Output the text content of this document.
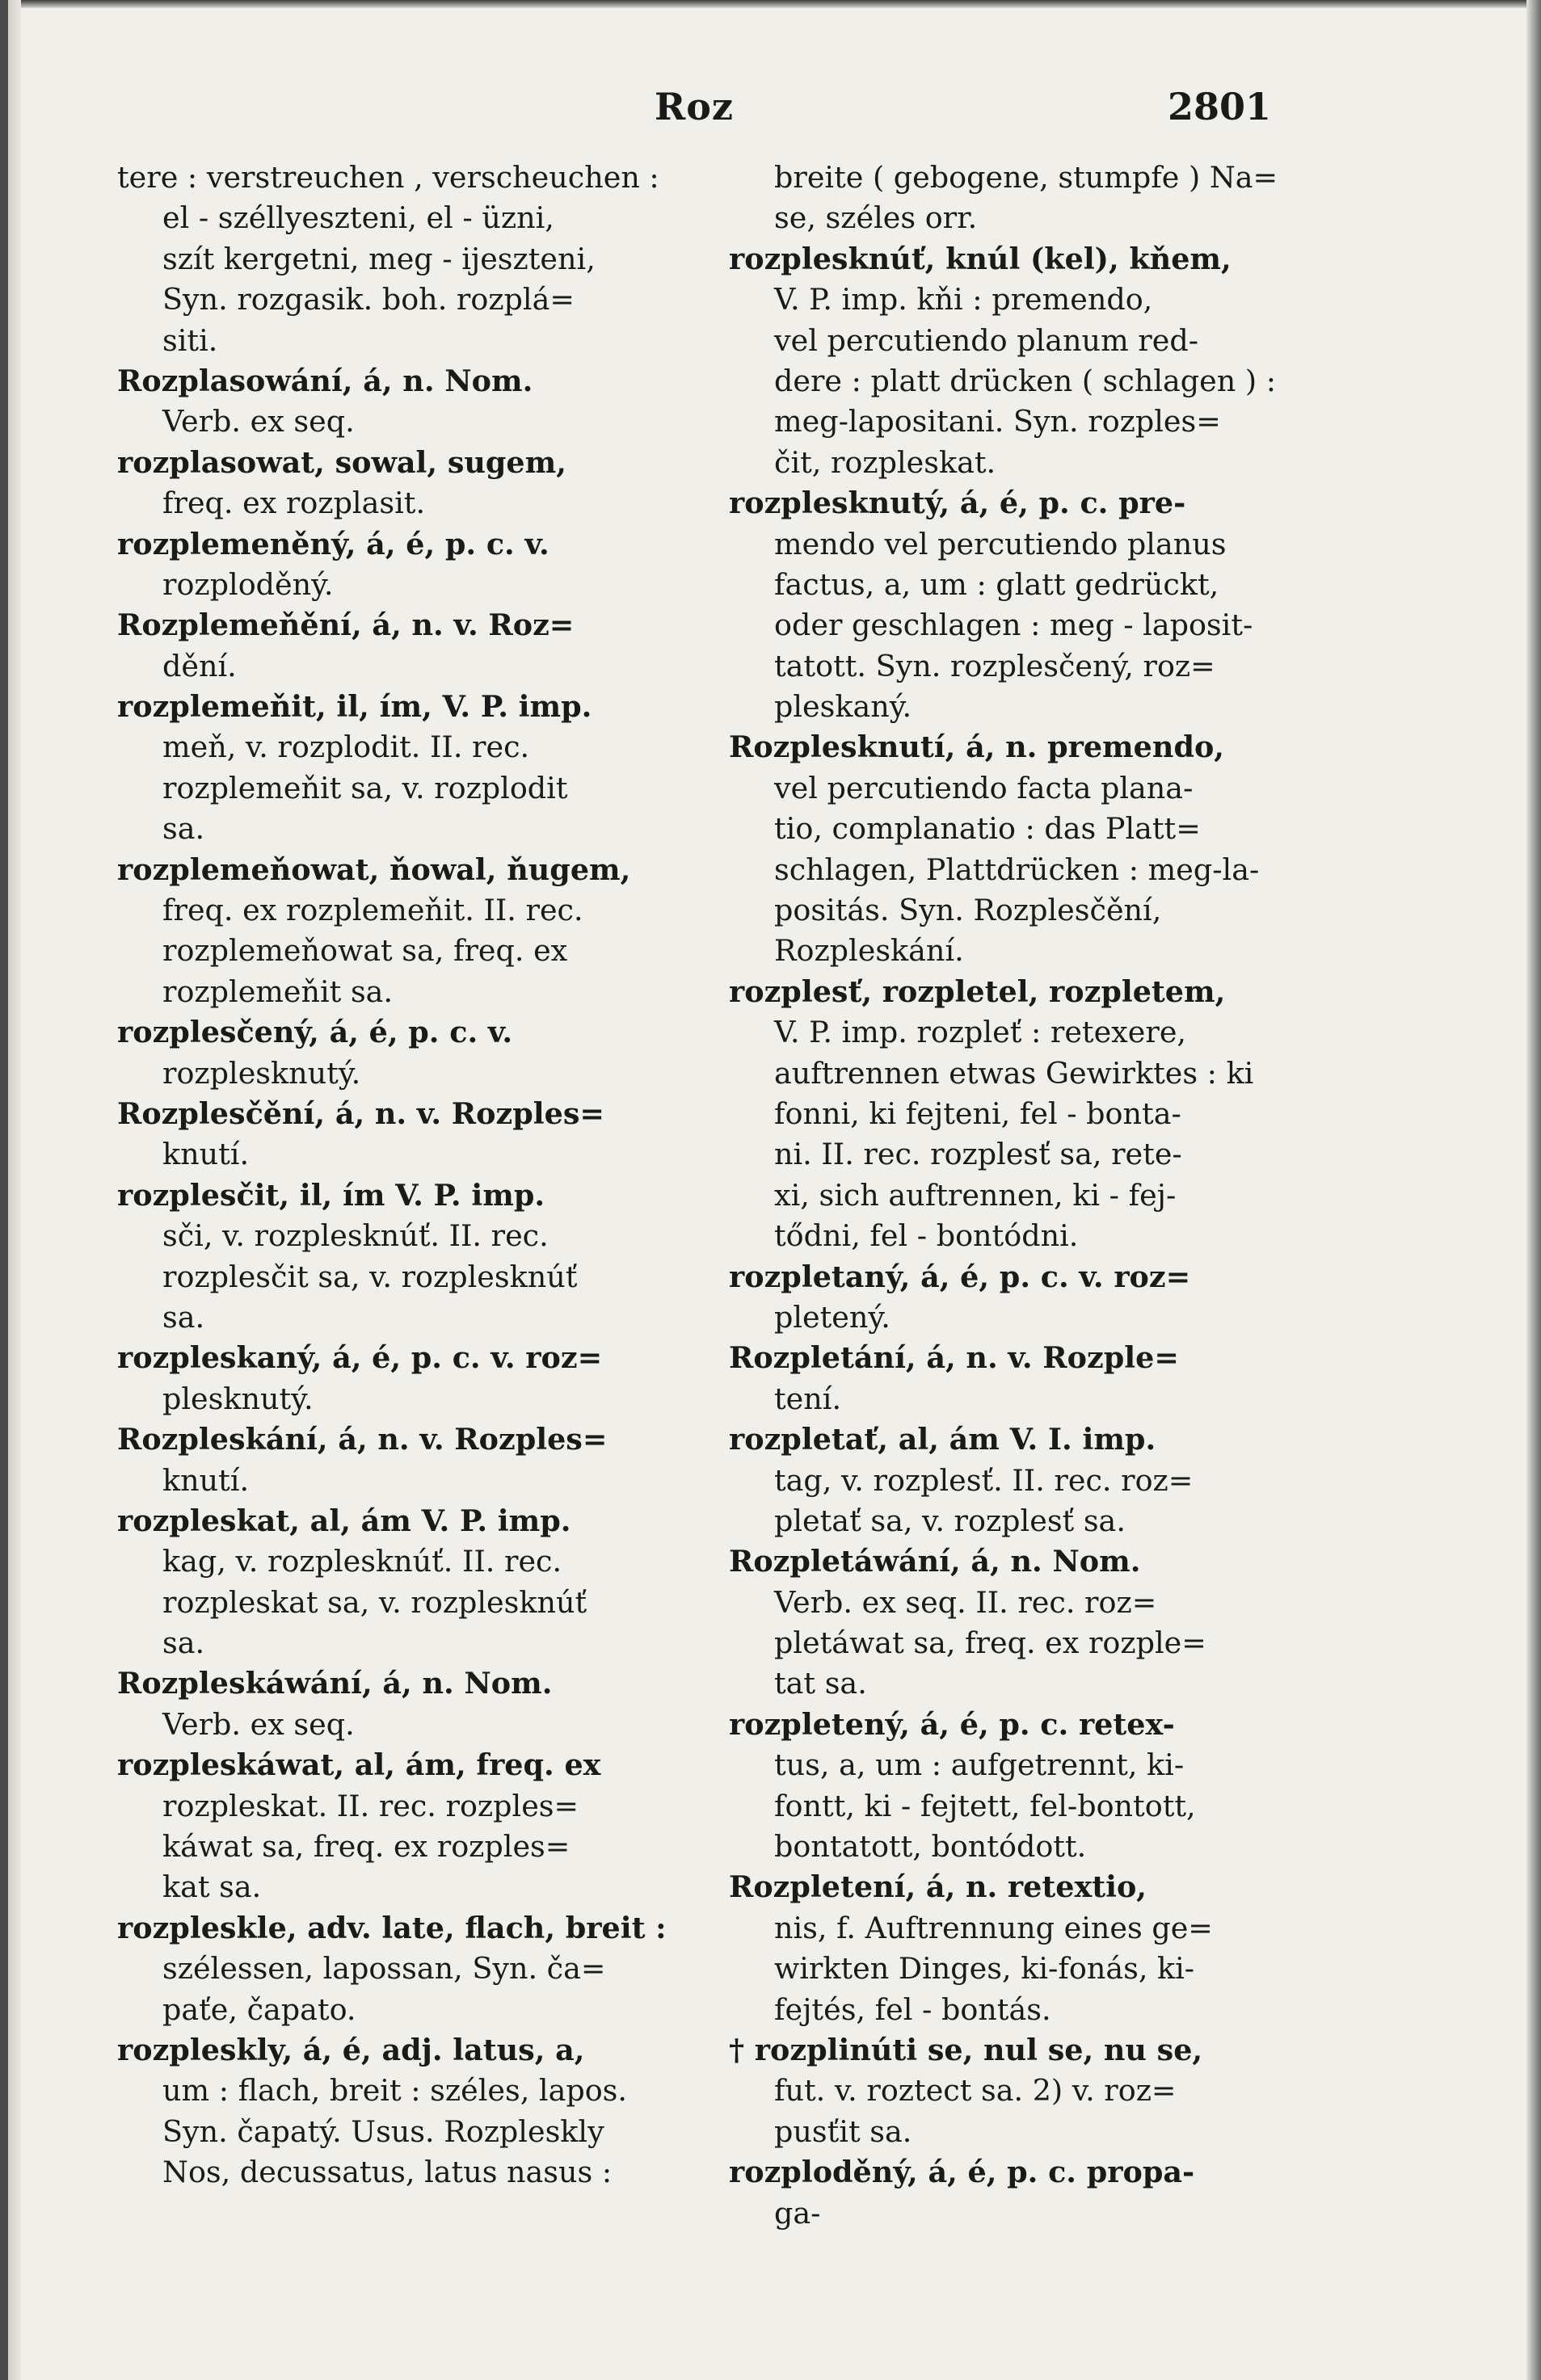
Roz	2801
tere : verstreuchen , verscheuchen :
el - széllyeszteni, el - üzni,
szít kergetni, meg - ijeszteni,
Syn. rozgasik. boh. rozplá=
siti.
Rozplasowání, á, n. Nom.
Verb. ex seq.
rozplasowat, sowal, sugem,
freq. ex rozplasit.
rozplemeněný, á, é, p. c. v.
rozploděný.
Rozplemeňění, á, n. v. Roz=
dění.
rozplemeňit, il, ím, V. P. imp.
meň, v. rozplodit. II. rec.
rozplemeňit sa, v. rozplodit
sa.
rozplemeňowat, ňowal, ňugem,
freq. ex rozplemeňit. II. rec.
rozplemeňowat sa, freq. ex
rozplemeňit sa.
rozplesčený, á, é, p. c. v.
rozplesknutý.
Rozplesčění, á, n. v. Rozples=
knutí.
rozplesčit, il, ím V. P. imp.
sči, v. rozplesknúť. II. rec.
rozplesčit sa, v. rozplesknúť
sa.
rozpleskaný, á, é, p. c. v. roz=
plesknutý.
Rozpleskání, á, n. v. Rozples=
knutí.
rozpleskat, al, ám V. P. imp.
kag, v. rozplesknúť. II. rec.
rozpleskat sa, v. rozplesknúť
sa.
Rozpleskáwání, á, n. Nom.
Verb. ex seq.
rozpleskáwat, al, ám, freq. ex
rozpleskat. II. rec. rozples=
káwat sa, freq. ex rozples=
kat sa.
rozpleskle, adv. late, flach, breit :
szélessen, lapossan, Syn. ča=
paťe, čapato.
rozpleskly, á, é, adj. latus, a,
um : flach, breit : széles, lapos.
Syn. čapatý. Usus. Rozpleskly
Nos, decussatus, latus nasus :
breite ( gebogene, stumpfe ) Na=
se, széles orr.
rozplesknúť, knúl (kel), kňem,
V. P. imp. kňi : premendo,
vel percutiendo planum red-
dere : platt drücken ( schlagen ) :
meg-lapositani. Syn. rozples=
čit, rozpleskat.
rozplesknutý, á, é, p. c. pre-
mendo vel percutiendo planus
factus, a, um : glatt gedrückt,
oder geschlagen : meg - laposit-
tatott. Syn. rozplesčený, roz=
pleskaný.
Rozplesknutí, á, n. premendo,
vel percutiendo facta plana-
tio, complanatio : das Platt=
schlagen, Plattdrücken : meg-la-
positás. Syn. Rozplesčění,
Rozpleskání.
rozplesť, rozpletel, rozpletem,
V. P. imp. rozpleť : retexere,
auftrennen etwas Gewirktes : ki
fonni, ki fejteni, fel - bonta-
ni. II. rec. rozplesť sa, rete-
xi, sich auftrennen, ki - fej-
tődni, fel - bontódni.
rozpletaný, á, é, p. c. v. roz=
pletený.
Rozpletání, á, n. v. Rozple=
tení.
rozpletať, al, ám V. I. imp.
tag, v. rozplesť. II. rec. roz=
pletať sa, v. rozplesť sa.
Rozpletáwání, á, n. Nom.
Verb. ex seq. II. rec. roz=
pletáwat sa, freq. ex rozple=
tat sa.
rozpletený, á, é, p. c. retex-
tus, a, um : aufgetrennt, ki-
fontt, ki - fejtett, fel-bontott,
bontatott, bontódott.
Rozpletení, á, n. retextio,
nis, f. Auftrennung eines ge=
wirkten Dinges, ki-fonás, ki-
fejtés, fel - bontás.
† rozplinúti se, nul se, nu se,
fut. v. roztect sa. 2) v. roz=
pusťit sa.
rozploděný, á, é, p. c. propa-
ga-
